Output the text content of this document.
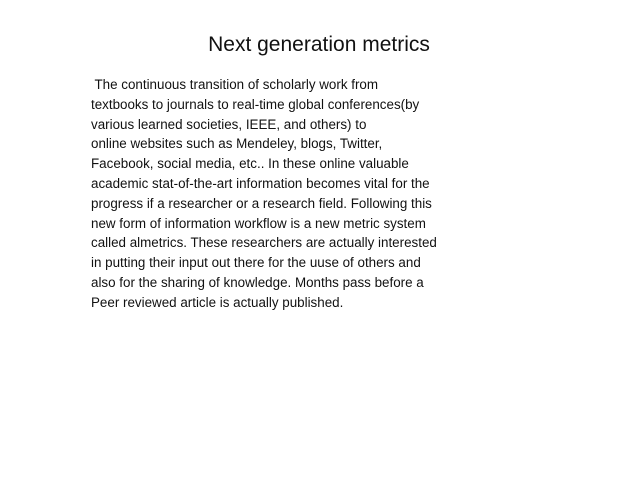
Next generation metrics
The continuous transition of scholarly work from
textbooks to journals to real-time global conferences(by
various learned societies, IEEE, and others) to
online websites such as Mendeley, blogs, Twitter,
Facebook, social media, etc.. In these online valuable
academic stat-of-the-art information becomes vital for the
progress if a researcher or a research field. Following this
new form of information workflow is a new metric system
called almetrics. These researchers are actually interested
in putting their input out there for the uuse of others and
also for the sharing of knowledge. Months pass before a
Peer reviewed article is actually published.
